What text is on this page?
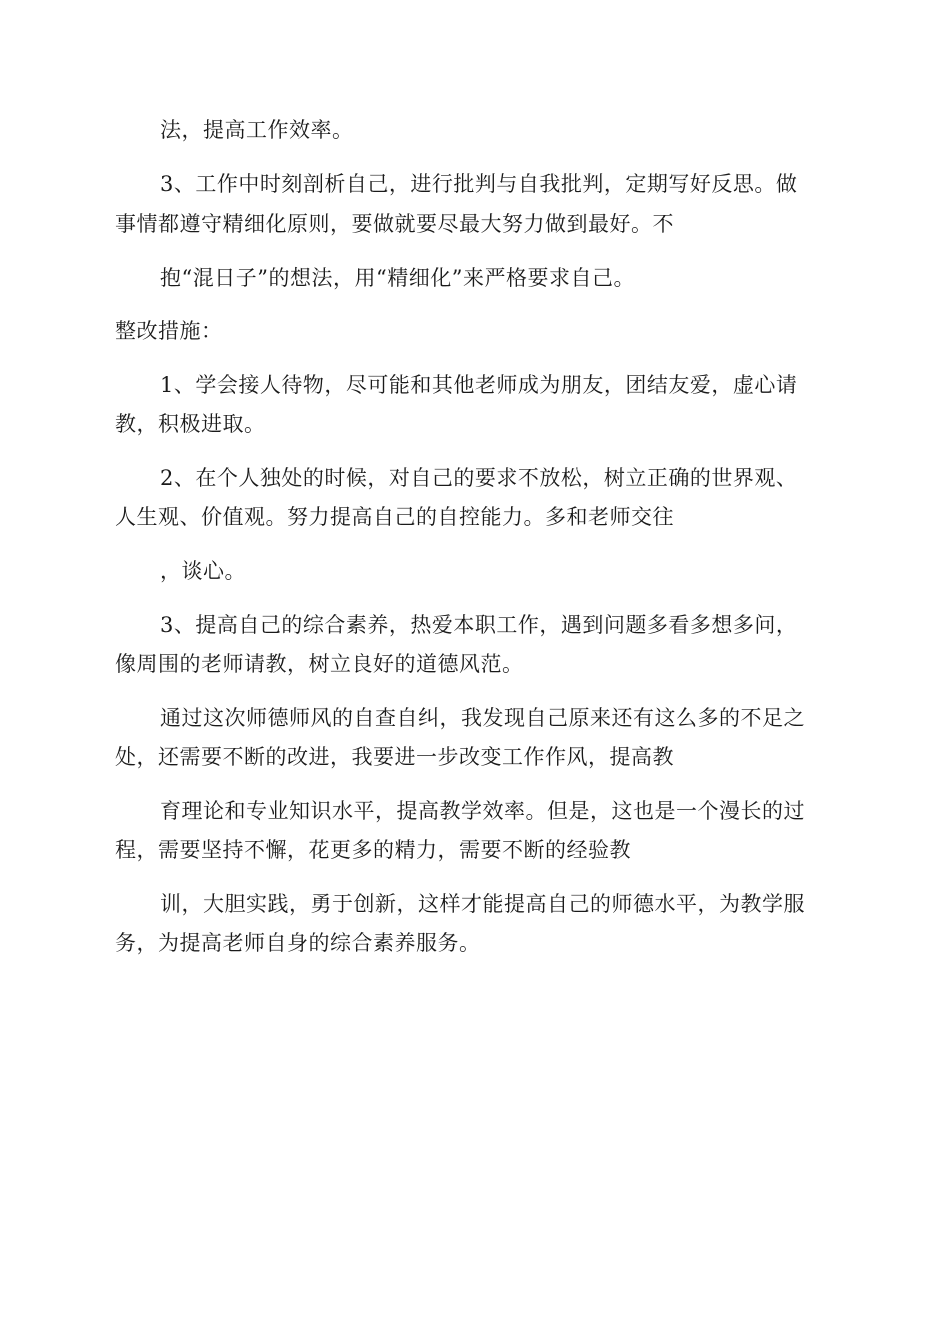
法，提高工作效率。
3、工作中时刻剖析自己，进行批判与自我批判，定期写好反思。做
事情都遵守精细化原则，要做就要尽最大努力做到最好。不
抱“混日子”的想法，用“精细化”来严格要求自己。
整改措施：
1、学会接人待物，尽可能和其他老师成为朋友，团结友爱，虚心请
教，积极进取。
2、在个人独处的时候，对自己的要求不放松，树立正确的世界观、
人生观、价值观。努力提高自己的自控能力。多和老师交往
，谈心。
3、提高自己的综合素养，热爱本职工作，遇到问题多看多想多问，
像周围的老师请教，树立良好的道德风范。
通过这次师德师风的自查自纠，我发现自己原来还有这么多的不足之
处，还需要不断的改进，我要进一步改变工作作风，提高教
育理论和专业知识水平，提高教学效率。但是，这也是一个漫长的过
程，需要坚持不懈，花更多的精力，需要不断的经验教
训，大胆实践，勇于创新，这样才能提高自己的师德水平，为教学服
务，为提高老师自身的综合素养服务。
